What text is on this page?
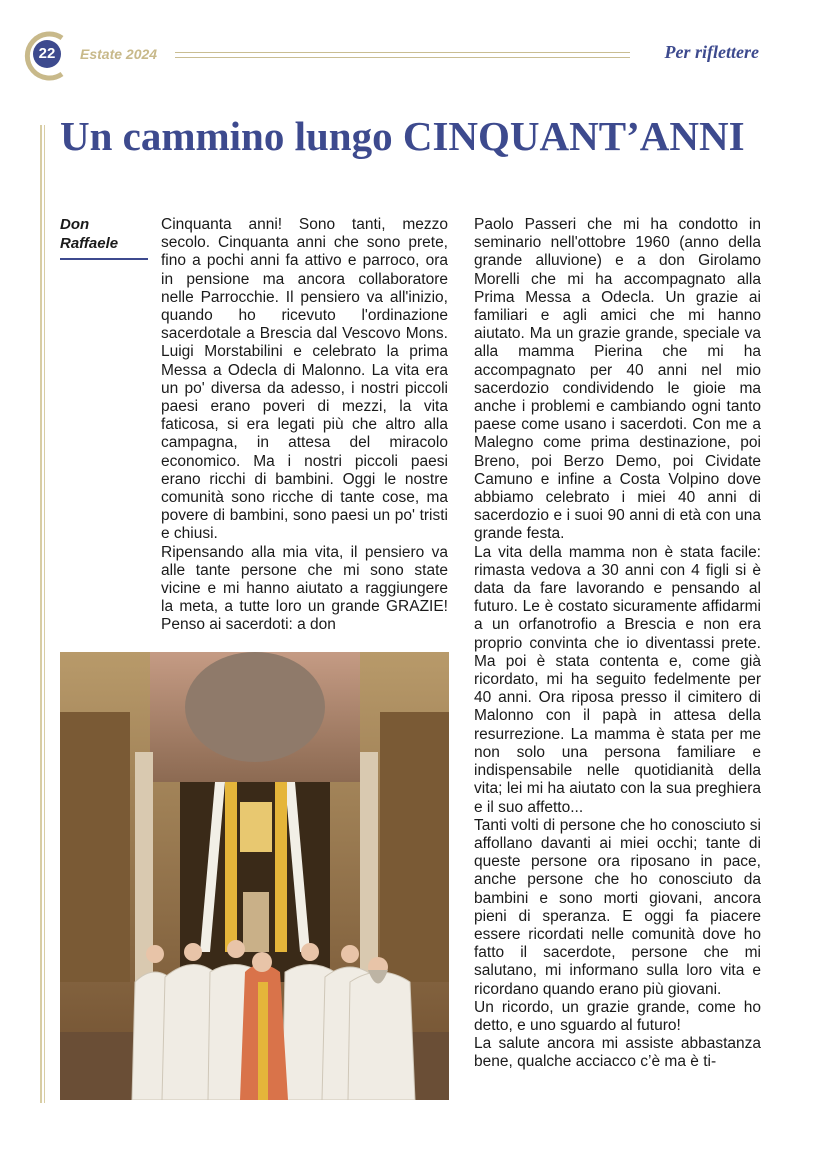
22	Estate 2024	Per riflettere
Un cammino lungo CINQUANT’ANNI
Don Raffaele

Cinquanta anni! Sono tanti, mezzo secolo. Cinquanta anni che sono prete, fino a pochi anni fa attivo e parroco, ora in pensione ma ancora collaboratore nelle Parrocchie. Il pensiero va all'inizio, quando ho ricevuto l'ordinazione sacerdotale a Brescia dal Vescovo Mons. Luigi Morstabilini e celebrato la prima Messa a Odecla di Malonno. La vita era un po' diversa da adesso, i nostri piccoli paesi erano poveri di mezzi, la vita faticosa, si era legati più che altro alla campagna, in attesa del miracolo economico. Ma i nostri piccoli paesi erano ricchi di bambini. Oggi le nostre comunità sono ricche di tante cose, ma povere di bambini, sono paesi un po' tristi e chiusi.

Ripensando alla mia vita, il pensiero va alle tante persone che mi sono state vicine e mi hanno aiutato a raggiungere la meta, a tutte loro un grande GRAZIE! Penso ai sacerdoti: a don

Paolo Passeri che mi ha condotto in seminario nell'ottobre 1960 (anno della grande alluvione) e a don Girolamo Morelli che mi ha accompagnato alla Prima Messa a Odecla. Un grazie ai familiari e agli amici che mi hanno aiutato. Ma un grazie grande, speciale va alla mamma Pierina che mi ha accompagnato per 40 anni nel mio sacerdozio condividendo le gioie ma anche i problemi e cambiando ogni tanto paese come usano i sacerdoti. Con me a Malegno come prima destinazione, poi Breno, poi Berzo Demo, poi Cividate Camuno e infine a Costa Volpino dove abbiamo celebrato i miei 40 anni di sacerdozio e i suoi 90 anni di età con una grande festa.

La vita della mamma non è stata facile: rimasta vedova a 30 anni con 4 figli si è data da fare lavorando e pensando al futuro. Le è costato sicuramente affidarmi a un orfanotrofio a Brescia e non era proprio convinta che io diventassi prete. Ma poi è stata contenta e, come già ricordato, mi ha seguito fedelmente per 40 anni. Ora riposa presso il cimitero di Malonno con il papà in attesa della resurrezione. La mamma è stata per me non solo una persona familiare e indispensabile nelle quotidianità della vita; lei mi ha aiutato con la sua preghiera e il suo affetto...

Tanti volti di persone che ho conosciuto si affollano davanti ai miei occhi; tante di queste persone ora riposano in pace, anche persone che ho conosciuto da bambini e sono morti giovani, ancora pieni di speranza. E oggi fa piacere essere ricordati nelle comunità dove ho fatto il sacerdote, persone che mi salutano, mi informano sulla loro vita e ricordano quando erano più giovani.

Un ricordo, un grazie grande, come ho detto, e uno sguardo al futuro!

La salute ancora mi assiste abbastanza bene, qualche acciacco c’è ma è ti-
